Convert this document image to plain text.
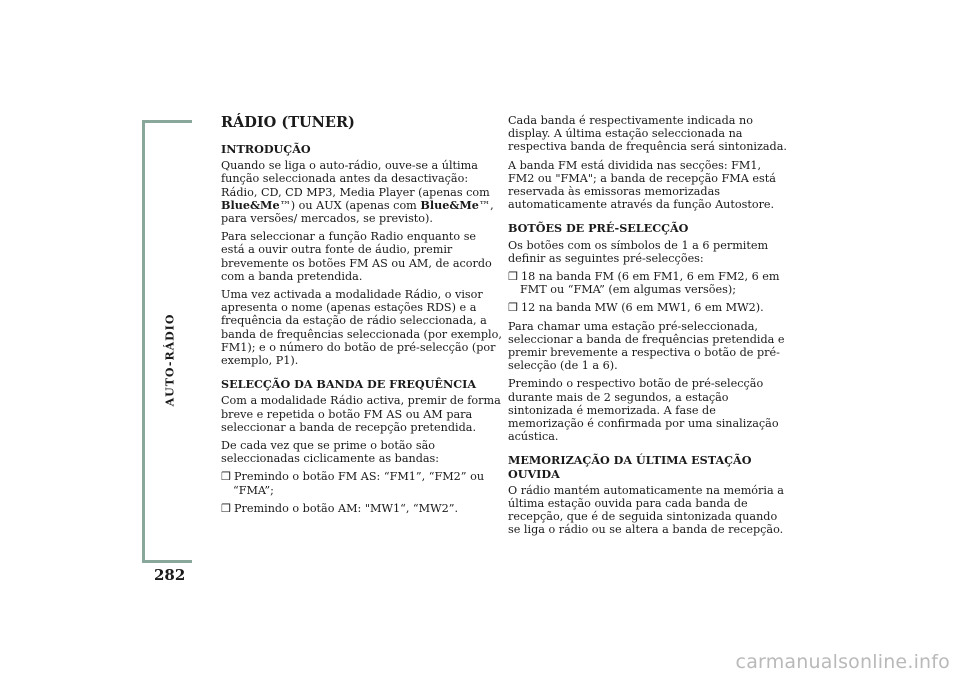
AUTO-RÁDIO
282
RÁDIO (TUNER)
INTRODUÇÃO

Quando se liga o auto-rádio, ouve-se a última função seleccionada antes da desactivação: Rádio, CD, CD MP3, Media Player (apenas com Blue&Me™) ou AUX (apenas com Blue&Me™, para versões/ mercados, se previsto).

Para seleccionar a função Radio enquanto se está a ouvir outra fonte de áudio, premir brevemente os botões FM AS ou AM, de acordo com a banda pretendida.

Uma vez activada a modalidade Rádio, o visor apresenta o nome (apenas estações RDS) e a frequência da estação de rádio seleccionada, a banda de frequências seleccionada (por exemplo, FM1); e o número do botão de pré-selecção (por exemplo, P1).

SELECÇÃO DA BANDA DE FREQUÊNCIA

Com a modalidade Rádio activa, premir de forma breve e repetida o botão FM AS ou AM para seleccionar a banda de recepção pretendida.

De cada vez que se prime o botão são seleccionadas ciclicamente as bandas:

❒ Premindo o botão FM AS: “FM1”, “FM2” ou “FMA”;

❒ Premindo o botão AM: "MW1“, “MW2”.

Cada banda é respectivamente indicada no display. A última estação seleccionada na respectiva banda de frequência será sintonizada.

A banda FM está dividida nas secções: FM1, FM2 ou "FMA"; a banda de recepção FMA está reservada às emissoras memorizadas automaticamente através da função Autostore.

BOTÕES DE PRÉ-SELECÇÃO

Os botões com os símbolos de 1 a 6 permitem definir as seguintes pré-selecções:

❒ 18 na banda FM (6 em FM1, 6 em FM2, 6 em FMT ou “FMA” (em algumas versões);

❒ 12 na banda MW (6 em MW1, 6 em MW2).

Para chamar uma estação pré-seleccionada, seleccionar a banda de frequências pretendida e premir brevemente a respectiva o botão de pré-selecção (de 1 a 6).

Premindo o respectivo botão de pré-selecção durante mais de 2 segundos, a estação sintonizada é memorizada. A fase de memorização é confirmada por uma sinalização acústica.

MEMORIZAÇÃO DA ÚLTIMA ESTAÇÃO OUVIDA

O rádio mantém automaticamente na memória a última estação ouvida para cada banda de recepção, que é de seguida sintonizada quando se liga o rádio ou se altera a banda de recepção.

carmanualsonline.info
